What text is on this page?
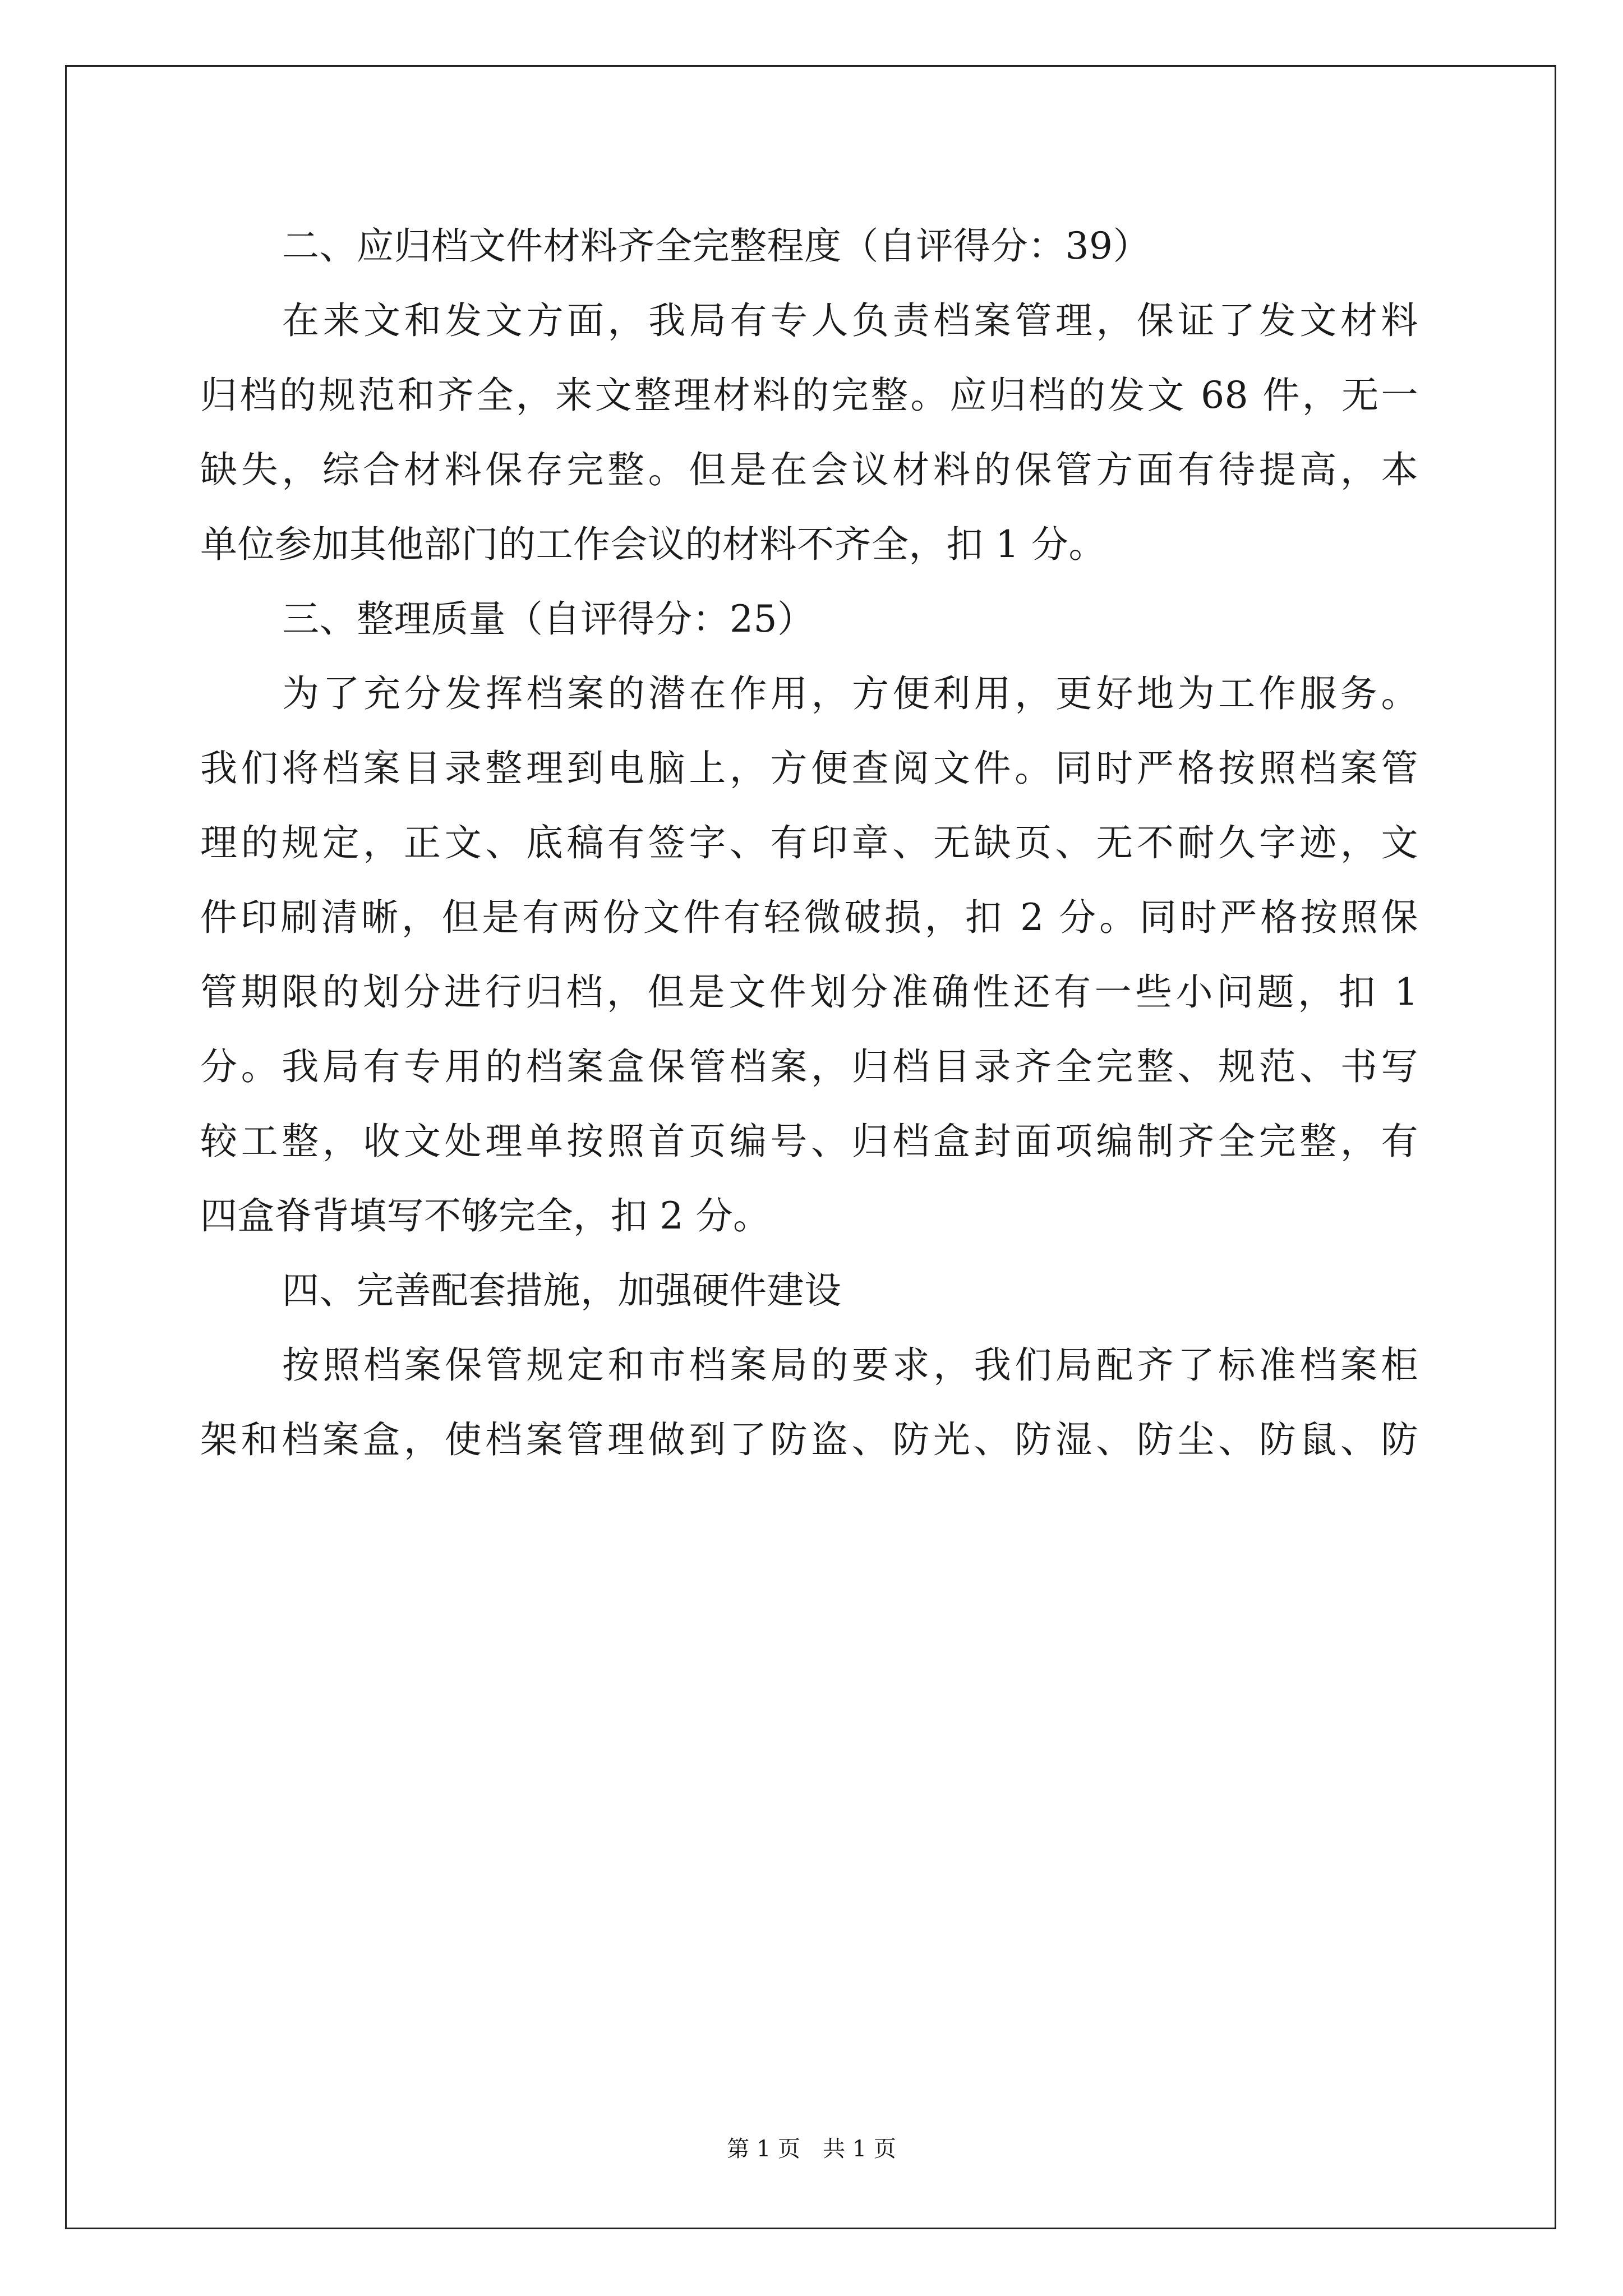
二、应归档文件材料齐全完整程度（自评得分：39）
在来文和发文方面，我局有专人负责档案管理，保证了发文材料
归档的规范和齐全，来文整理材料的完整。应归档的发文 68 件，无一
缺失，综合材料保存完整。但是在会议材料的保管方面有待提高，本
单位参加其他部门的工作会议的材料不齐全，扣 1 分。
三、整理质量（自评得分：25）
为了充分发挥档案的潜在作用，方便利用，更好地为工作服务。
我们将档案目录整理到电脑上，方便查阅文件。同时严格按照档案管
理的规定，正文、底稿有签字、有印章、无缺页、无不耐久字迹，文
件印刷清晰，但是有两份文件有轻微破损，扣 2 分。同时严格按照保
管期限的划分进行归档，但是文件划分准确性还有一些小问题，扣 1
分。我局有专用的档案盒保管档案，归档目录齐全完整、规范、书写
较工整，收文处理单按照首页编号、归档盒封面项编制齐全完整，有
四盒脊背填写不够完全，扣 2 分。
四、完善配套措施，加强硬件建设
按照档案保管规定和市档案局的要求，我们局配齐了标准档案柜
架和档案盒，使档案管理做到了防盗、防光、防湿、防尘、防鼠、防
第 1 页　共 1 页
